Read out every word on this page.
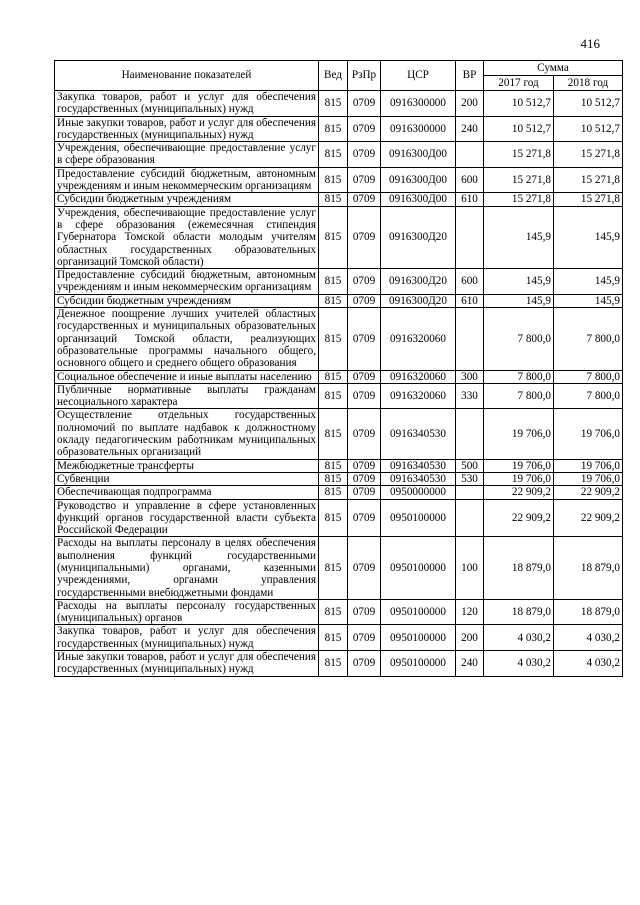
416
Наименование показателей	Вед	РзПр	ЦСР	ВР	Сумма	
					2017 год	2018 год
Закупка товаров, работ и услуг для обеспечения государственных (муниципальных) нужд	815	0709	0916300000	200	10 512,7	10 512,7
Иные закупки товаров, работ и услуг для обеспечения государственных (муниципальных) нужд	815	0709	0916300000	240	10 512,7	10 512,7
Учреждения, обеспечивающие предоставление услуг в сфере образования	815	0709	0916300Д00		15 271,8	15 271,8
Предоставление субсидий бюджетным, автономным учреждениям и иным некоммерческим организациям	815	0709	0916300Д00	600	15 271,8	15 271,8
Субсидии бюджетным учреждениям	815	0709	0916300Д00	610	15 271,8	15 271,8
Учреждения, обеспечивающие предоставление услуг в сфере образования (ежемесячная стипендия Губернатора Томской области молодым учителям областных государственных образовательных организаций Томской области)	815	0709	0916300Д20		145,9	145,9
Предоставление субсидий бюджетным, автономным учреждениям и иным некоммерческим организациям	815	0709	0916300Д20	600	145,9	145,9
Субсидии бюджетным учреждениям	815	0709	0916300Д20	610	145,9	145,9
Денежное поощрение лучших учителей областных государственных и муниципальных образовательных организаций Томской области, реализующих образовательные программы начального общего, основного общего и среднего общего образования	815	0709	0916320060		7 800,0	7 800,0
Социальное обеспечение и иные выплаты населению	815	0709	0916320060	300	7 800,0	7 800,0
Публичные нормативные выплаты гражданам несоциального характера	815	0709	0916320060	330	7 800,0	7 800,0
Осуществление отдельных государственных полномочий по выплате надбавок к должностному окладу педагогическим работникам муниципальных образовательных организаций	815	0709	0916340530		19 706,0	19 706,0
Межбюджетные трансферты	815	0709	0916340530	500	19 706,0	19 706,0
Субвенции	815	0709	0916340530	530	19 706,0	19 706,0
Обеспечивающая подпрограмма	815	0709	0950000000		22 909,2	22 909,2
Руководство и управление в сфере установленных функций органов государственной власти субъекта Российской Федерации	815	0709	0950100000		22 909,2	22 909,2
Расходы на выплаты персоналу в целях обеспечения выполнения функций государственными (муниципальными) органами, казенными учреждениями, органами управления государственными внебюджетными фондами	815	0709	0950100000	100	18 879,0	18 879,0
Расходы на выплаты персоналу государственных (муниципальных) органов	815	0709	0950100000	120	18 879,0	18 879,0
Закупка товаров, работ и услуг для обеспечения государственных (муниципальных) нужд	815	0709	0950100000	200	4 030,2	4 030,2
Иные закупки товаров, работ и услуг для обеспечения государственных (муниципальных) нужд	815	0709	0950100000	240	4 030,2	4 030,2
